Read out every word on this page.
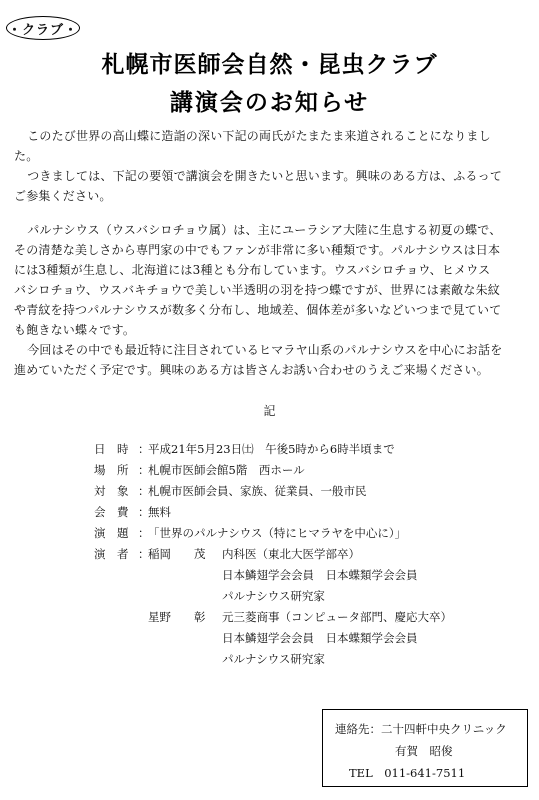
・クラブ・
札幌市医師会自然・昆虫クラブ
講演会のお知らせ
このたび世界の高山蝶に造詣の深い下記の両氏がたまたま来道されることになりまし
た。
つきましては、下記の要領で講演会を開きたいと思います。興味のある方は、ふるって
ご参集ください。
パルナシウス（ウスバシロチョウ属）は、主にユーラシア大陸に生息する初夏の蝶で、
その清楚な美しさから専門家の中でもファンが非常に多い種類です。パルナシウスは日本
には3種類が生息し、北海道には3種とも分布しています。ウスバシロチョウ、ヒメウス
バシロチョウ、ウスバキチョウで美しい半透明の羽を持つ蝶ですが、世界には素敵な朱紋
や青紋を持つパルナシウスが数多く分布し、地域差、個体差が多いなどいつまで見ていて
も飽きない蝶々です。
今回はその中でも最近特に注目されているヒマラヤ山系のパルナシウスを中心にお話を
進めていただく予定です。興味のある方は皆さんお誘い合わせのうえご来場ください。
記
日　時 ：
平成21年5月23日㈯　午後5時から6時半頃まで
場　所 ：
札幌市医師会館5階　西ホール
対　象 ：
札幌市医師会員、家族、従業員、一般市民
会　費 ：
無料
演　題 ：
「世界のパルナシウス（特にヒマラヤを中心に）」
演　者 ：
稲岡　　茂	内科医（東北大医学部卒）
日本鱗翅学会会員　日本蝶類学会会員
パルナシウス研究家
星野　　彰	元三菱商事（コンピュータ部門、慶応大卒）
日本鱗翅学会会員　日本蝶類学会会員
パルナシウス研究家
連絡先：二十四軒中央クリニック
有賀　昭俊
TEL　011-641-7511
